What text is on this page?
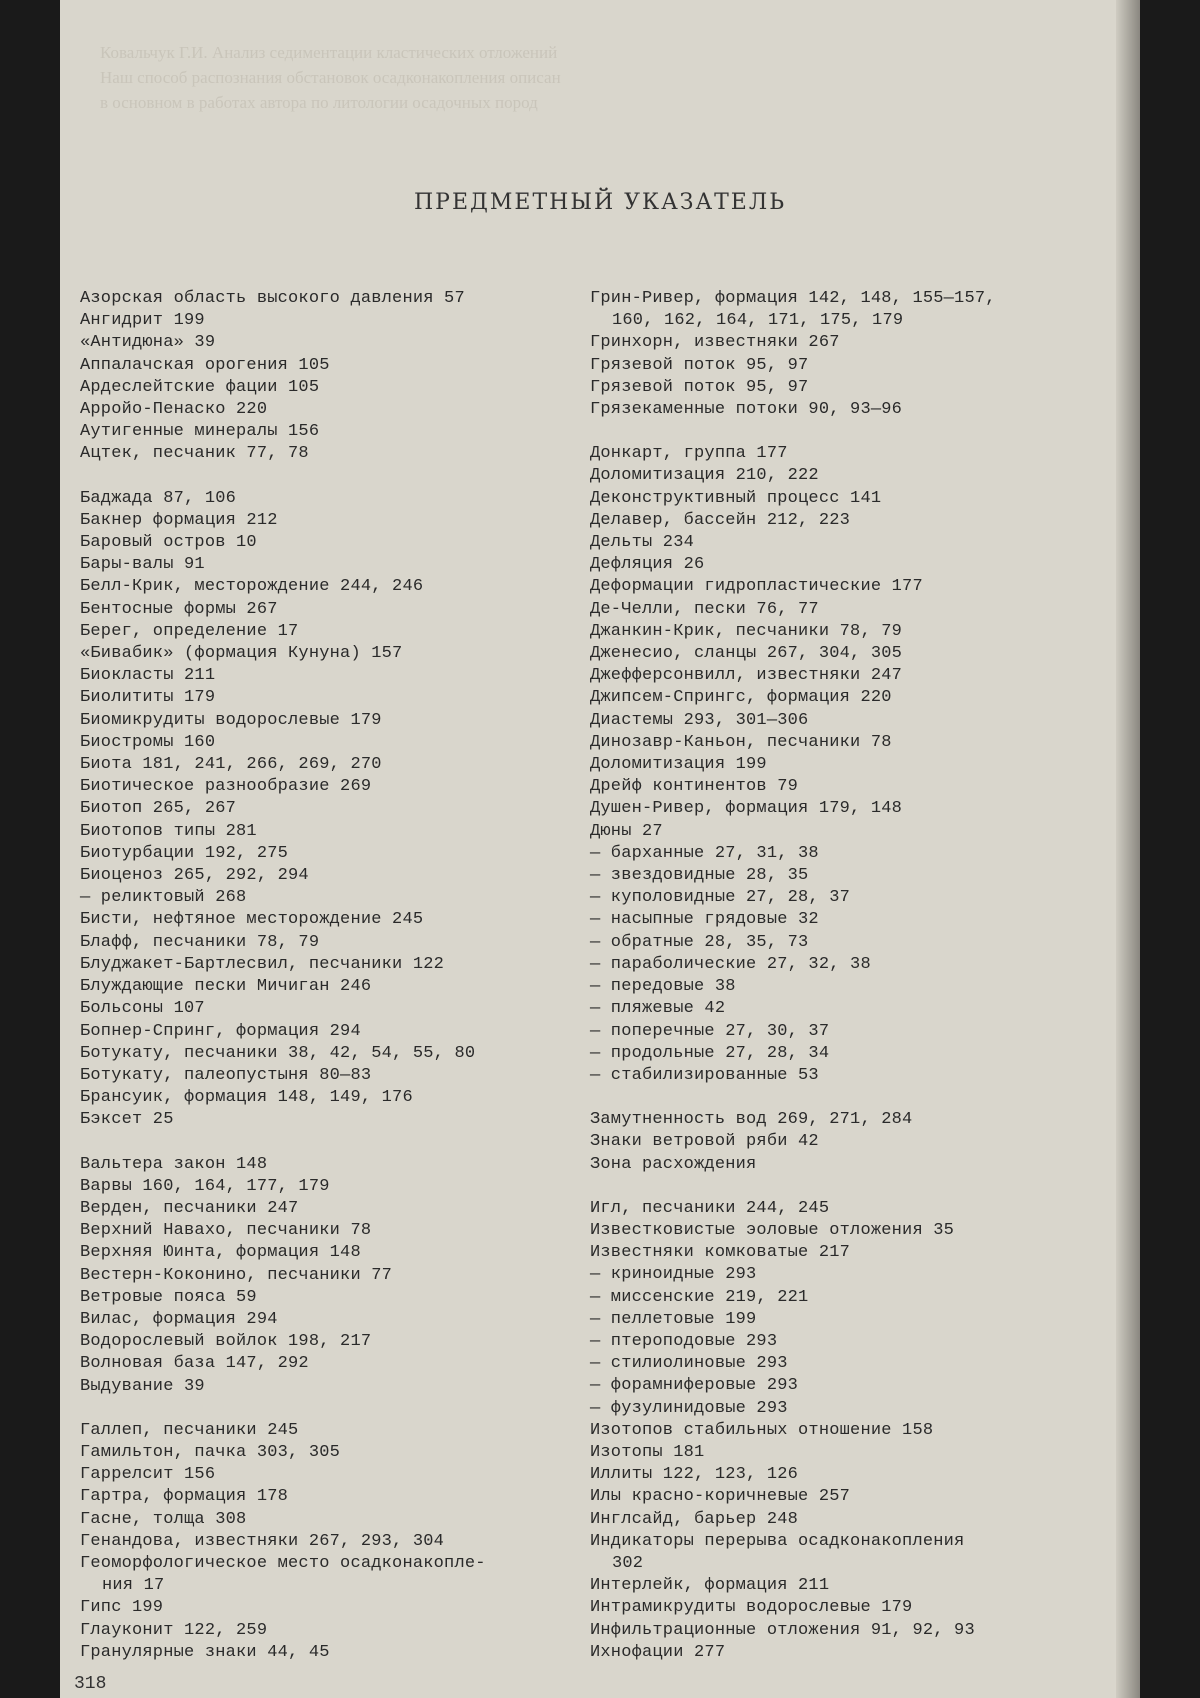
Ковальчук Г.И. Анализ седиментации кластических отложений
Наш способ распознания обстановок осадконакопления описан
в основном в работах автора по литологии осадочных пород
ПРЕДМЕТНЫЙ УКАЗАТЕЛЬ
Азорская область высокого давления 57
Ангидрит 199
«Антидюна» 39
Аппалачская орогения 105
Ардеслейтские фации 105
Арройо-Пенаско 220
Аутигенные минералы 156
Ацтек, песчаник 77, 78
Баджада 87, 106
Бакнер формация 212
Баровый остров 10
Бары-валы 91
Белл-Крик, месторождение 244, 246
Бентосные формы 267
Берег, определение 17
«Бивабик» (формация Кунуна) 157
Биокласты 211
Биолититы 179
Биомикрудиты водорослевые 179
Биостромы 160
Биота 181, 241, 266, 269, 270
Биотическое разнообразие 269
Биотоп 265, 267
Биотопов типы 281
Биотурбации 192, 275
Биоценоз 265, 292, 294
— реликтовый 268
Бисти, нефтяное месторождение 245
Блафф, песчаники 78, 79
Блуджакет-Бартлесвил, песчаники 122
Блуждающие пески Мичиган 246
Больсоны 107
Бопнер-Спринг, формация 294
Ботукату, песчаники 38, 42, 54, 55, 80
Ботукату, палеопустыня 80—83
Брансуик, формация 148, 149, 176
Бэксет 25
Вальтера закон 148
Варвы 160, 164, 177, 179
Верден, песчаники 247
Верхний Навахо, песчаники 78
Верхняя Юинта, формация 148
Вестерн-Коконино, песчаники 77
Ветровые пояса 59
Вилас, формация 294
Водорослевый войлок 198, 217
Волновая база 147, 292
Выдувание 39
Галлеп, песчаники 245
Гамильтон, пачка 303, 305
Гаррелсит 156
Гартра, формация 178
Гасне, толща 308
Генандова, известняки 267, 293, 304
Геоморфологическое место осадконакопле-
ния 17
Гипс 199
Глауконит 122, 259
Гранулярные знаки 44, 45
Грин-Ривер, формация 142, 148, 155—157,
160, 162, 164, 171, 175, 179
Гринхорн, известняки 267
Грязевой поток 95, 97
Грязевой поток 95, 97
Грязекаменные потоки 90, 93—96
Донкарт, группа 177
Доломитизация 210, 222
Деконструктивный процесс 141
Делавер, бассейн 212, 223
Дельты 234
Дефляция 26
Деформации гидропластические 177
Де-Челли, пески 76, 77
Джанкин-Крик, песчаники 78, 79
Дженесио, сланцы 267, 304, 305
Джефферсонвилл, известняки 247
Джипсем-Спрингс, формация 220
Диастемы 293, 301—306
Динозавр-Каньон, песчаники 78
Доломитизация 199
Дрейф континентов 79
Душен-Ривер, формация 179, 148
Дюны 27
— барханные 27, 31, 38
— звездовидные 28, 35
— куполовидные 27, 28, 37
— насыпные грядовые 32
— обратные 28, 35, 73
— параболические 27, 32, 38
— передовые 38
— пляжевые 42
— поперечные 27, 30, 37
— продольные 27, 28, 34
— стабилизированные 53
Замутненность вод 269, 271, 284
Знаки ветровой ряби 42
Зона расхождения
Игл, песчаники 244, 245
Известковистые эоловые отложения 35
Известняки комковатые 217
— криноидные 293
— миссенские 219, 221
— пеллетовые 199
— птероподовые 293
— стилиолиновые 293
— форамниферовые 293
— фузулинидовые 293
Изотопов стабильных отношение 158
Изотопы 181
Иллиты 122, 123, 126
Илы красно-коричневые 257
Инглсайд, барьер 248
Индикаторы перерыва осадконакопления
302
Интерлейк, формация 211
Интрамикрудиты водорослевые 179
Инфильтрационные отложения 91, 92, 93
Ихнофации 277
318
